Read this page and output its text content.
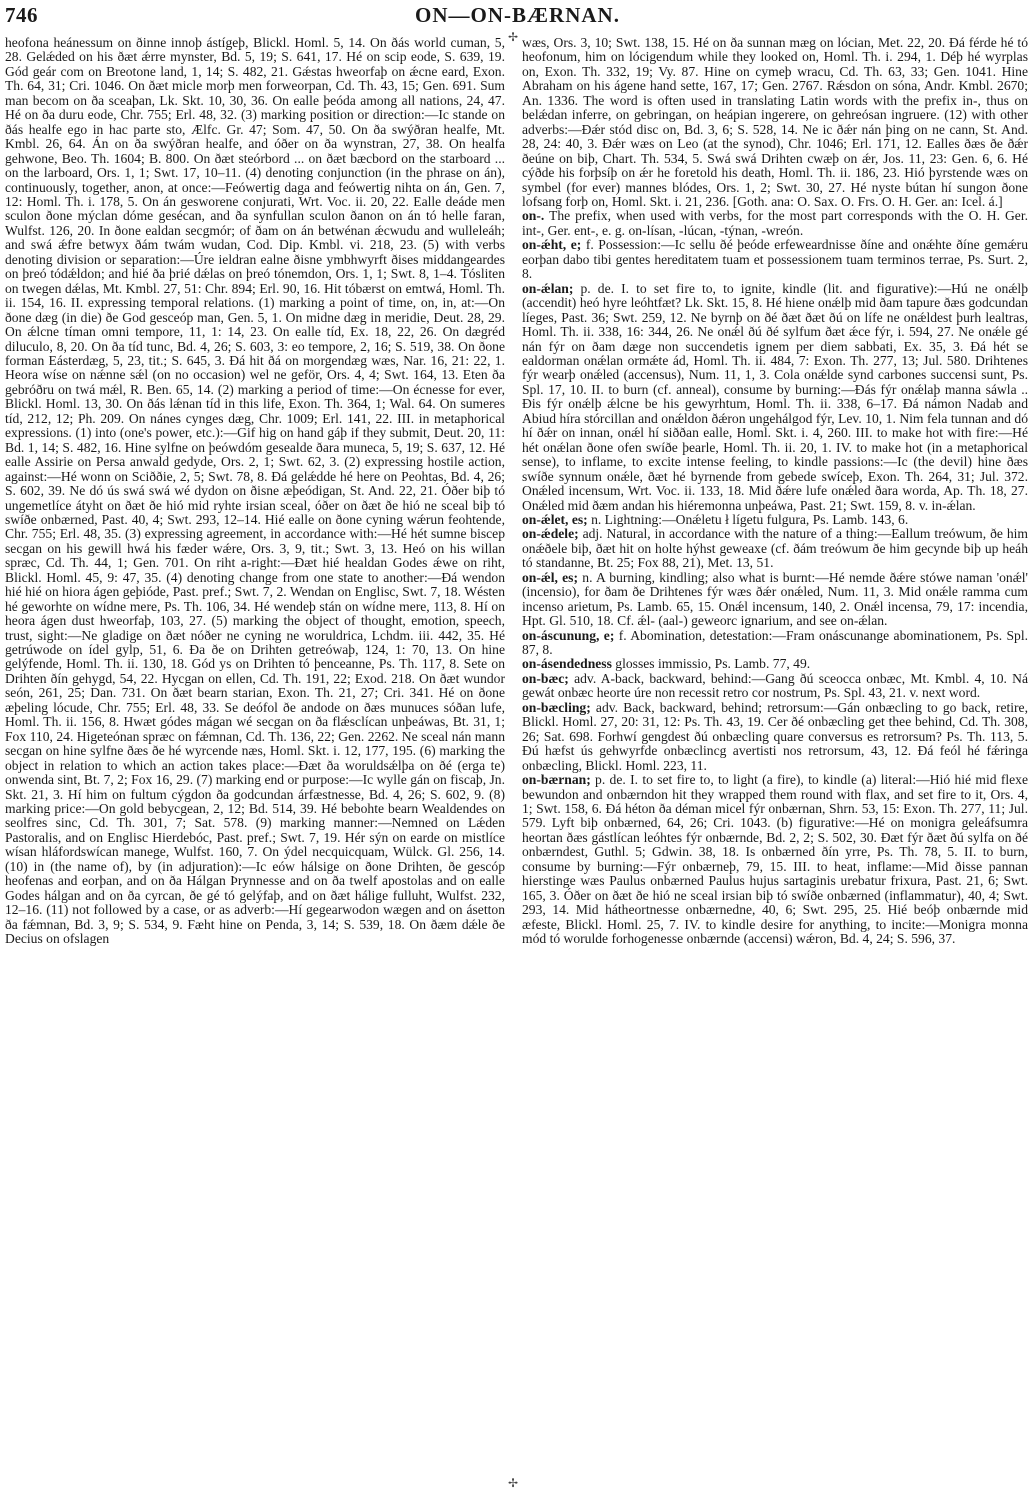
746	ON—ON-BÆRNAN.
✢
✢

heofona heánessum on ðinne innoþ ástígeþ, Blickl. Homl. 5, 14. On ðás world cuman, 5, 28. Gelǽded on his ðæt ǽrre mynster, Bd. 5, 19; S. 641, 17. Hé on scip eode, S. 639, 19. Gód geár com on Breotone land, 1, 14; S. 482, 21. Gǽstas hweorfaþ on ǽcne eard, Exon. Th. 64, 31; Cri. 1046. On ðæt micle morþ men forweorpan, Cd. Th. 43, 15; Gen. 691. Sum man becom on ða sceaþan, Lk. Skt. 10, 30, 36. On ealle þeóda among all nations, 24, 47. Hé on ða duru eode, Chr. 755; Erl. 48, 32. (3) marking position or direction:—Ic stande on ðás healfe ego in hac parte sto, Ælfc. Gr. 47; Som. 47, 50. On ða swýðran healfe, Mt. Kmbl. 26, 64. Án on ða swýðran healfe, and óðer on ða wynstran, 27, 38. On healfa gehwone, Beo. Th. 1604; B. 800. On ðæt steórbord ... on ðæt bæcbord on the starboard ... on the larboard, Ors. 1, 1; Swt. 17, 10–11. (4) denoting conjunction (in the phrase on án), continuously, together, anon, at once:—Feówertig daga and feówertig nihta on án, Gen. 7, 12: Homl. Th. i. 178, 5. On án gesworene conjurati, Wrt. Voc. ii. 20, 22. Ealle deáde men sculon ðone mýclan dóme gesécan, and ða synfullan sculon ðanon on án tó helle faran, Wulfst. 126, 20. In ðone ealdan secgmór; of ðam on án betwénan ǽcwudu and wulleleáh; and swá ǽfre betwyx ðám twám wudan, Cod. Dip. Kmbl. vi. 218, 23. (5) with verbs denoting division or separation:—Úre ieldran ealne ðisne ymbhwyrft ðises middangeardes on þreó tódǽldon; and hié ða þrié dǽlas on þreó tónemdon, Ors. 1, 1; Swt. 8, 1–4. Tósliten on twegen dǽlas, Mt. Kmbl. 27, 51: Chr. 894; Erl. 90, 16. Hit tóbærst on emtwá, Homl. Th. ii. 154, 16. II. expressing temporal relations. (1) marking a point of time, on, in, at:—On ðone dæg (in die) ðe God gesceóp man, Gen. 5, 1. On midne dæg in meridie, Deut. 28, 29. On ǽlcne tíman omni tempore, 11, 1: 14, 23. On ealle tíd, Ex. 18, 22, 26. On dægréd diluculo, 8, 20. On ða tíd tunc, Bd. 4, 26; S. 603, 3: eo tempore, 2, 16; S. 519, 38. On ðone forman Eásterdæg, 5, 23, tit.; S. 645, 3. Ðá hit ðá on morgendæg wæs, Nar. 16, 21: 22, 1. Heora wíse on nǽnne sǽl (on no occasion) wel ne geför, Ors. 4, 4; Swt. 164, 13. Eten ða gebróðru on twá mǽl, R. Ben. 65, 14. (2) marking a period of time:—On écnesse for ever, Blickl. Homl. 13, 30. On ðás lǽnan tíd in this life, Exon. Th. 364, 1; Wal. 64. On sumeres tíd, 212, 12; Ph. 209. On nánes cynges dæg, Chr. 1009; Erl. 141, 22. III. in metaphorical expressions. (1) into (one's power, etc.):—Gif hig on hand gáþ if they submit, Deut. 20, 11: Bd. 1, 14; S. 482, 16. Hine sylfne on þeówdóm gesealde ðara muneca, 5, 19; S. 637, 12. Hé ealle Assirie on Persa anwald gedyde, Ors. 2, 1; Swt. 62, 3. (2) expressing hostile action, against:—Hé wonn on Sciððie, 2, 5; Swt. 78, 8. Ðá gelǽdde hé here on Peohtas, Bd. 4, 26; S. 602, 39. Ne dó ús swá swá wé dydon on ðisne æþeódigan, St. And. 22, 21. Óðer biþ tó ungemetlíce átyht on ðæt ðe hió mid ryhte irsian sceal, óðer on ðæt ðe hió ne sceal biþ tó swíðe onbærned, Past. 40, 4; Swt. 293, 12–14. Hié ealle on ðone cyning wǽrun feohtende, Chr. 755; Erl. 48, 35. (3) expressing agreement, in accordance with:—Hé hét sumne biscep secgan on his gewill hwá his fæder wǽre, Ors. 3, 9, tit.; Swt. 3, 13. Heó on his willan spræc, Cd. Th. 44, 1; Gen. 701. On riht a-right:—Ðæt hié healdan Godes ǽwe on riht, Blickl. Homl. 45, 9: 47, 35. (4) denoting change from one state to another:—Ðá wendon hié hié on hiora ágen geþióde, Past. pref.; Swt. 7, 2. Wendan on Englisc, Swt. 7, 18. Wésten hé geworhte on wídne mere, Ps. Th. 106, 34. Hé wendeþ stán on wídne mere, 113, 8. Hí on heora ágen dust hweorfaþ, 103, 27. (5) marking the object of thought, emotion, speech, trust, sight:—Ne gladige on ðæt nóðer ne cyning ne woruldrica, Lchdm. iii. 442, 35. Hé getrúwode on ídel gylp, 51, 6. Ða ðe on Drihten getreówaþ, 124, 1: 70, 13. On hine gelýfende, Homl. Th. ii. 130, 18. Gód ys on Drihten tó þenceanne, Ps. Th. 117, 8. Sete on Drihten ðín gehygd, 54, 22. Hycgan on ellen, Cd. Th. 191, 22; Exod. 218. On ðæt wundor seón, 261, 25; Dan. 731. On ðæt bearn starian, Exon. Th. 21, 27; Cri. 341. Hé on ðone æþeling lócude, Chr. 755; Erl. 48, 33. Se deófol ðe andode on ðæs munuces sóðan lufe, Homl. Th. ii. 156, 8. Hwæt gódes mágan wé secgan on ða flǽsclícan unþeáwas, Bt. 31, 1; Fox 110, 24. Higeteónan spræc on fǽmnan, Cd. Th. 136, 22; Gen. 2262. Ne sceal nán mann secgan on hine sylfne ðæs ðe hé wyrcende næs, Homl. Skt. i. 12, 177, 195. (6) marking the object in relation to which an action takes place:—Ðæt ða woruldsǽlþa on ðé (erga te) onwenda sint, Bt. 7, 2; Fox 16, 29. (7) marking end or purpose:—Ic wylle gán on fiscaþ, Jn. Skt. 21, 3. Hí him on fultum cýgdon ða godcundan árfæstnesse, Bd. 4, 26; S. 602, 9. (8) marking price:—On gold bebycgean, 2, 12; Bd. 514, 39. Hé bebohte bearn Wealdendes on seolfres sinc, Cd. Th. 301, 7; Sat. 578. (9) marking manner:—Nemned on Lǽden Pastoralis, and on Englisc Hierdebóc, Past. pref.; Swt. 7, 19. Hér sýn on earde on mistlíce wísan hláfordswícan manege, Wulfst. 160, 7. On ýdel necquicquam, Wülck. Gl. 256, 14. (10) in (the name of), by (in adjuration):—Ic eów hálsige on ðone Drihten, ðe gescóp heofenas and eorþan, and on ða Hálgan Þrynnesse and on ða twelf apostolas and on ealle Godes hálgan and on ða cyrcan, ðe gé tó gelýfaþ, and on ðæt hálige fulluht, Wulfst. 232, 12–16. (11) not followed by a case, or as adverb:—Hí gegearwodon wægen and on ásetton ða fǽmnan, Bd. 3, 9; S. 534, 9. Fæht hine on Penda, 3, 14; S. 539, 18. On ðæm dǽle ðe Decius on ofslagen

wæs, Ors. 3, 10; Swt. 138, 15. Hé on ða sunnan mæg on lócian, Met. 22, 20. Ðá férde hé tó heofonum, him on lócigendum while they looked on, Homl. Th. i. 294, 1. Déþ hé wyrplas on, Exon. Th. 332, 19; Vy. 87. Hine on cymeþ wracu, Cd. Th. 63, 33; Gen. 1041. Hine Abraham on his ágene hand sette, 167, 17; Gen. 2767. Rǽsdon on sóna, Andr. Kmbl. 2670; An. 1336. The word is often used in translating Latin words with the prefix in-, thus on belǽdan inferre, on gebringan, on heápian ingerere, on gehreósan ingruere. (12) with other adverbs:—Ðǽr stód disc on, Bd. 3, 6; S. 528, 14. Ne ic ðǽr nán þing on ne cann, St. And. 28, 24: 40, 3. Ðǽr wæs on Leo (at the synod), Chr. 1046; Erl. 171, 12. Ealles ðæs ðe ðǽr ðeúne on biþ, Chart. Th. 534, 5. Swá swá Drihten cwæþ on ǽr, Jos. 11, 23: Gen. 6, 6. Hé cýðde his forþsíþ on ǽr he foretold his death, Homl. Th. ii. 186, 23. Hió þyrstende wæs on symbel (for ever) mannes blódes, Ors. 1, 2; Swt. 30, 27. Hé nyste bútan hí sungon ðone lofsang forþ on, Homl. Skt. i. 21, 236. [Goth. ana: O. Sax. O. Frs. O. H. Ger. an: Icel. á.]

on-. The prefix, when used with verbs, for the most part corresponds with the O. H. Ger. int-, Ger. ent-, e. g. on-lísan, -lúcan, -týnan, -wreón.

on-ǽht, e; f. Possession:—Ic sellu ðé þeóde erfeweardnisse ðíne and onǽhte ðíne gemǽru eorþan dabo tibi gentes hereditatem tuam et possessionem tuam terminos terrae, Ps. Surt. 2, 8.

on-ǽlan; p. de. I. to set fire to, to ignite, kindle (lit. and figurative):—Hú ne onǽlþ (accendit) heó hyre leóhtfæt? Lk. Skt. 15, 8. Hé hiene onǽlþ mid ðam tapure ðæs godcundan líeges, Past. 36; Swt. 259, 12. Ne byrnþ on ðé ðæt ðæt ðú on lífe ne onǽldest þurh lealtras, Homl. Th. ii. 338, 16: 344, 26. Ne onǽl ðú ðé sylfum ðæt ǽce fýr, i. 594, 27. Ne onǽle gé nán fýr on ðam dæge non succendetis ignem per diem sabbati, Ex. 35, 3. Ðá hét se ealdorman onǽlan ormǽte ád, Homl. Th. ii. 484, 7: Exon. Th. 277, 13; Jul. 580. Drihtenes fýr wearþ onǽled (accensus), Num. 11, 1, 3. Cola onǽlde synd carbones succensi sunt, Ps. Spl. 17, 10. II. to burn (cf. anneal), consume by burning:—Ðás fýr onǽlaþ manna sáwla .. Ðis fýr onǽlþ ǽlcne be his gewyrhtum, Homl. Th. ii. 338, 6–17. Ðá námon Nadab and Abiud híra stórcillan and onǽldon ðǽron ungehálgod fýr, Lev. 10, 1. Nim fela tunnan and dó hí ðǽr on innan, onǽl hí siððan ealle, Homl. Skt. i. 4, 260. III. to make hot with fire:—Hé hét onǽlan ðone ofen swíðe þearle, Homl. Th. ii. 20, 1. IV. to make hot (in a metaphorical sense), to inflame, to excite intense feeling, to kindle passions:—Ic (the devil) hine ðæs swíðe synnum onǽle, ðæt hé byrnende from gebede swíceþ, Exon. Th. 264, 31; Jul. 372. Onǽled incensum, Wrt. Voc. ii. 133, 18. Mid ðǽre lufe onǽled ðara worda, Ap. Th. 18, 27. Onǽled mid ðæm andan his hiéremonna unþeáwa, Past. 21; Swt. 159, 8. v. in-ǽlan.

on-ǽlet, es; n. Lightning:—Onǽletu ł lígetu fulgura, Ps. Lamb. 143, 6.

on-ǽdele; adj. Natural, in accordance with the nature of a thing:—Eallum treówum, ðe him onǽðele biþ, ðæt hit on holte hýhst geweaxe (cf. ðám treówum ðe him gecynde biþ up heáh tó standanne, Bt. 25; Fox 88, 21), Met. 13, 51.

on-ǽl, es; n. A burning, kindling; also what is burnt:—Hé nemde ðǽre stówe naman 'onǽl' (incensio), for ðam ðe Drihtenes fýr wæs ðǽr onǽled, Num. 11, 3. Mid onǽle ramma cum incenso arietum, Ps. Lamb. 65, 15. Onǽl incensum, 140, 2. Onǽl incensa, 79, 17: incendia, Hpt. Gl. 510, 18. Cf. ǽl- (aal-) geweorc ignarium, and see on-ǽlan.

on-áscunung, e; f. Abomination, detestation:—Fram onáscunange abominationem, Ps. Spl. 87, 8.

on-ásendedness glosses immissio, Ps. Lamb. 77, 49.

on-bæc; adv. A-back, backward, behind:—Gang ðú sceocca onbæc, Mt. Kmbl. 4, 10. Ná gewát onbæc heorte úre non recessit retro cor nostrum, Ps. Spl. 43, 21. v. next word.

on-bæcling; adv. Back, backward, behind; retrorsum:—Gán onbæcling to go back, retire, Blickl. Homl. 27, 20: 31, 12: Ps. Th. 43, 19. Cer ðé onbæcling get thee behind, Cd. Th. 308, 26; Sat. 698. Forhwí gengdest ðú onbæcling quare conversus es retrorsum? Ps. Th. 113, 5. Ðú hæfst ús gehwyrfde onbæclincg avertisti nos retrorsum, 43, 12. Ðá feól hé fǽringa onbæcling, Blickl. Homl. 223, 11.

on-bærnan; p. de. I. to set fire to, to light (a fire), to kindle (a) literal:—Hió hié mid flexe bewundon and onbærndon hit they wrapped them round with flax, and set fire to it, Ors. 4, 1; Swt. 158, 6. Ðá héton ða déman micel fýr onbærnan, Shrn. 53, 15: Exon. Th. 277, 11; Jul. 579. Lyft biþ onbærned, 64, 26; Cri. 1043. (b) figurative:—Hé on monigra geleáfsumra heortan ðæs gástlícan leóhtes fýr onbærnde, Bd. 2, 2; S. 502, 30. Ðæt fýr ðæt ðú sylfa on ðé onbærndest, Guthl. 5; Gdwin. 38, 18. Is onbærned ðín yrre, Ps. Th. 78, 5. II. to burn, consume by burning:—Fýr onbærneþ, 79, 15. III. to heat, inflame:—Mid ðisse pannan hierstinge wæs Paulus onbærned Paulus hujus sartaginis urebatur frixura, Past. 21, 6; Swt. 165, 3. Óðer on ðæt ðe hió ne sceal irsian biþ tó swíðe onbærned (inflammatur), 40, 4; Swt. 293, 14. Mid hátheortnesse onbærnedne, 40, 6; Swt. 295, 25. Hié beóþ onbærnde mid æfeste, Blickl. Homl. 25, 7. IV. to kindle desire for anything, to incite:—Monigra monna mód tó worulde forhogenesse onbærnde (accensi) wǽron, Bd. 4, 24; S. 596, 37.
